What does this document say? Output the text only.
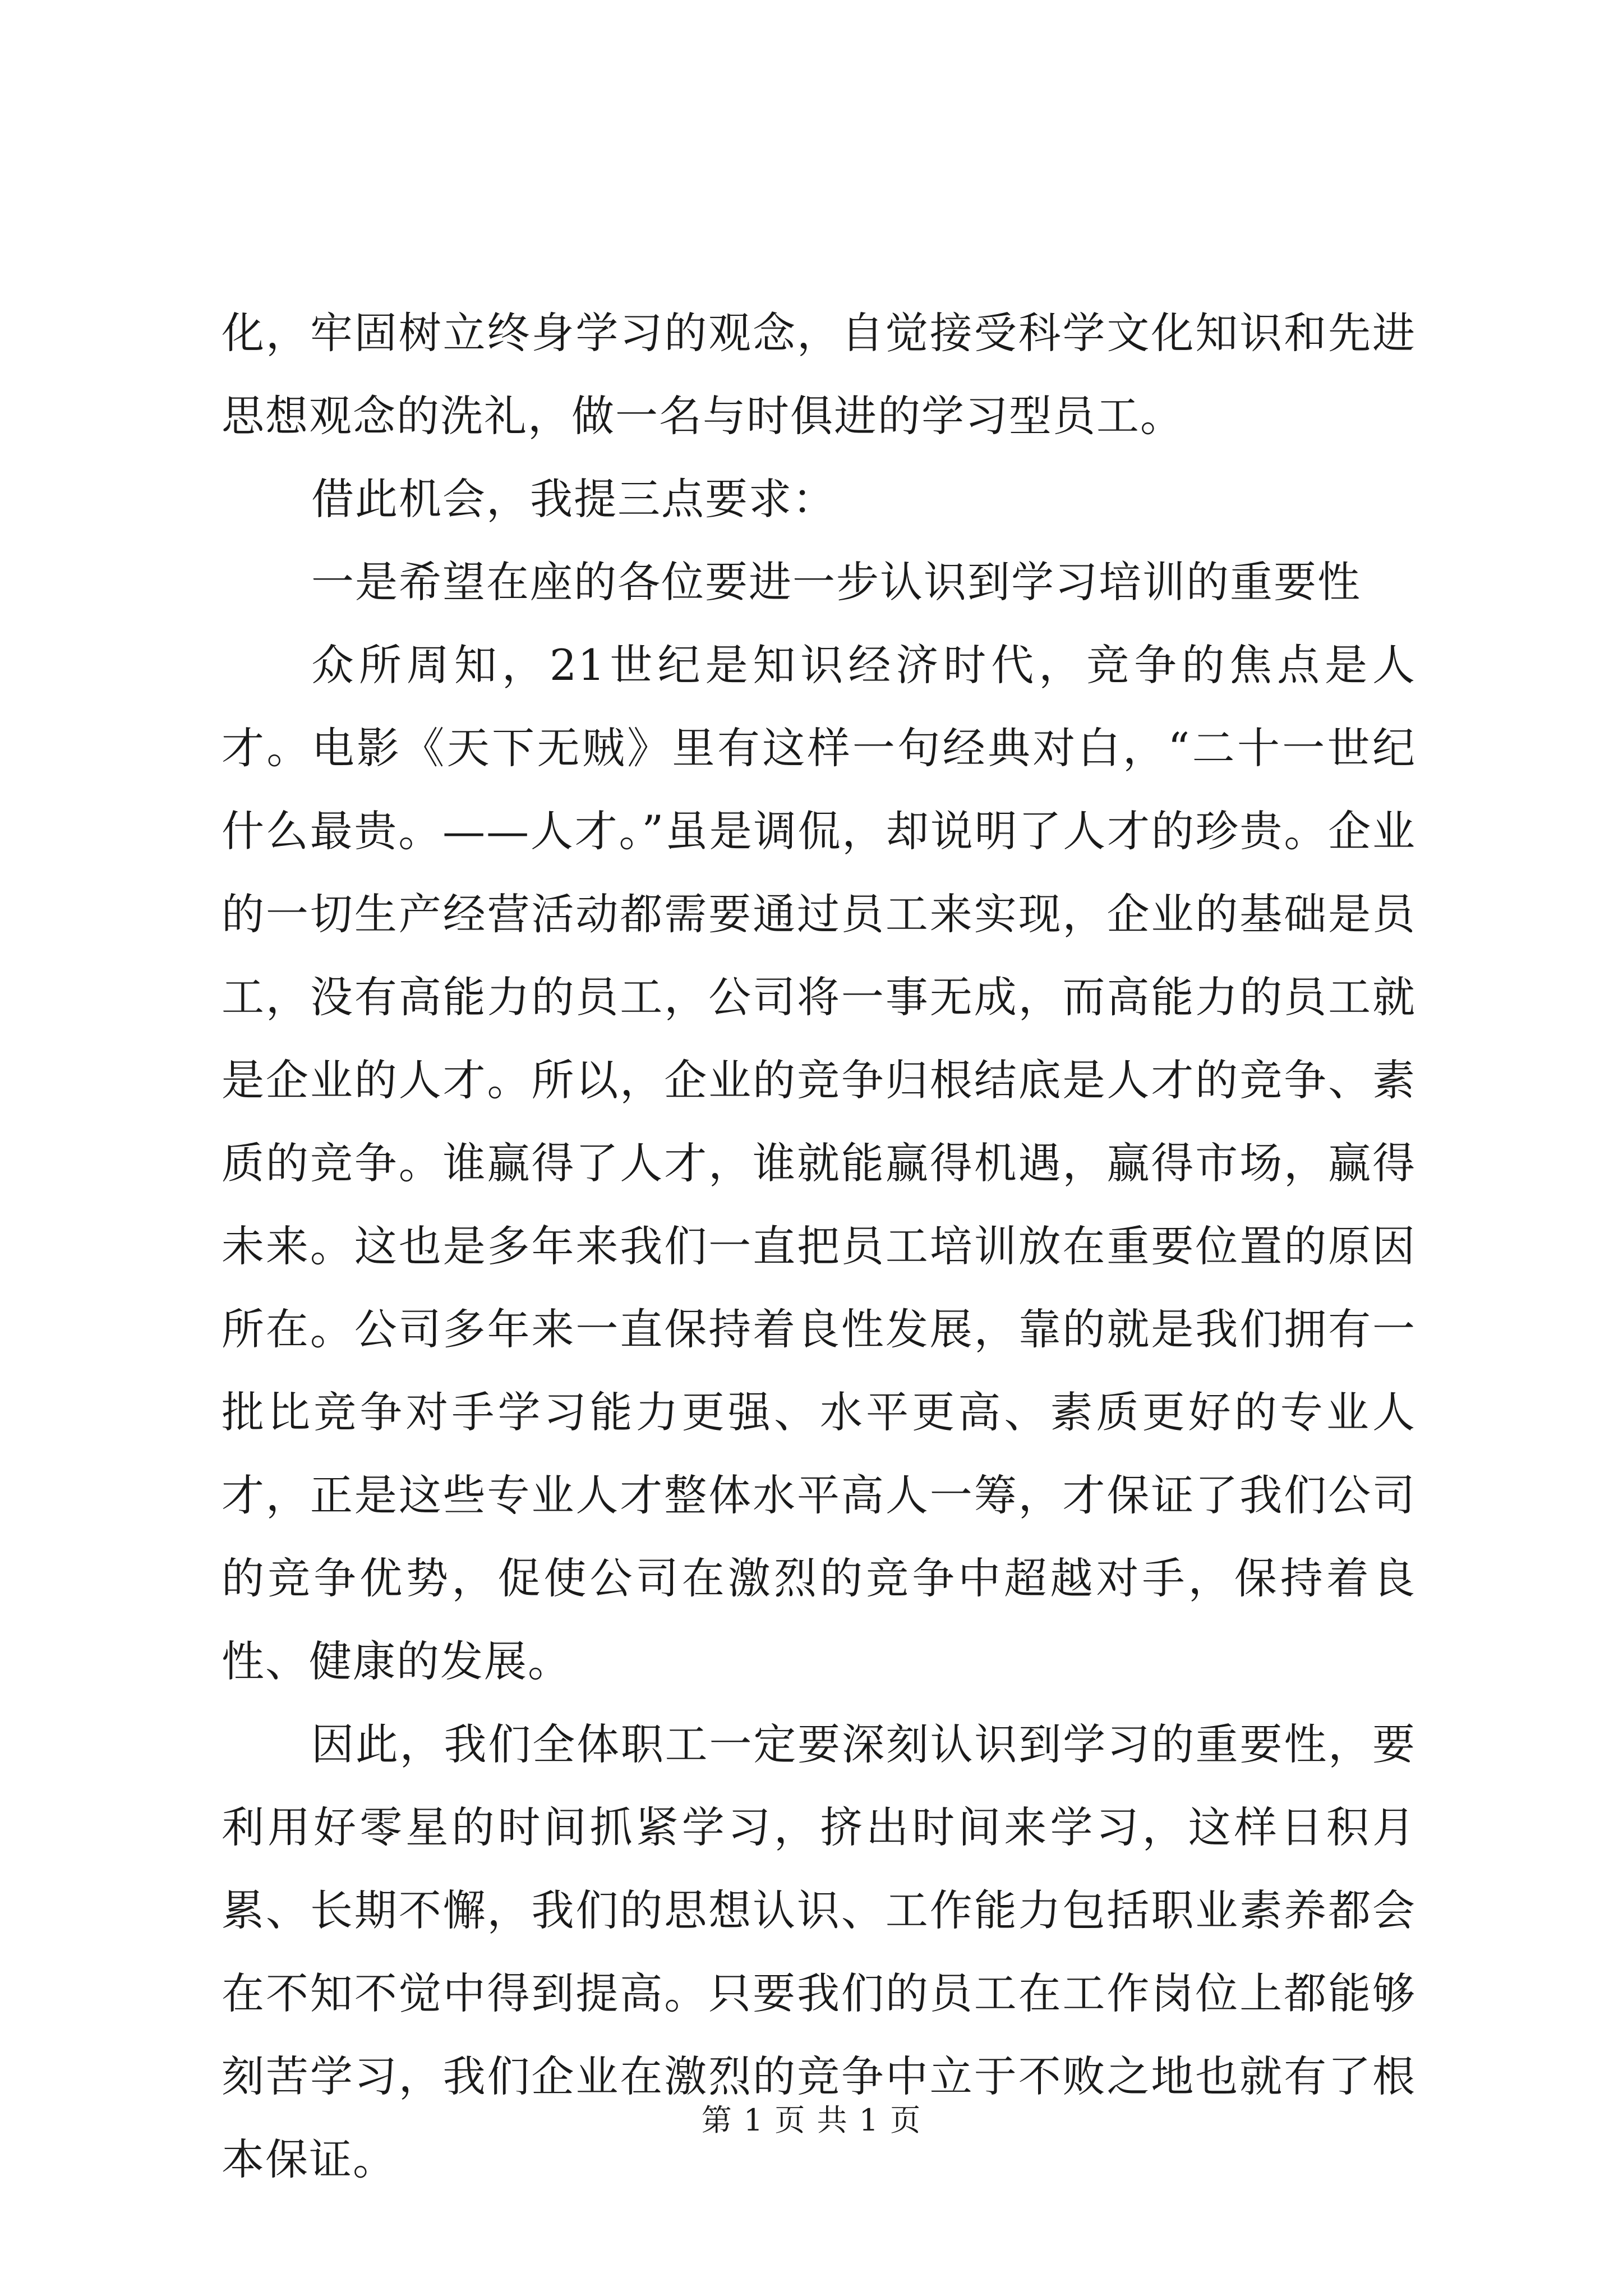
化，牢固树立终身学习的观念，自觉接受科学文化知识和先进思想观念的洗礼，做一名与时俱进的学习型员工。

借此机会，我提三点要求：

一是希望在座的各位要进一步认识到学习培训的重要性

众所周知，21世纪是知识经济时代，竞争的焦点是人才。电影《天下无贼》里有这样一句经典对白，“二十一世纪什么最贵。——人才。”虽是调侃，却说明了人才的珍贵。企业的一切生产经营活动都需要通过员工来实现，企业的基础是员工，没有高能力的员工，公司将一事无成，而高能力的员工就是企业的人才。所以，企业的竞争归根结底是人才的竞争、素质的竞争。谁赢得了人才，谁就能赢得机遇，赢得市场，赢得未来。这也是多年来我们一直把员工培训放在重要位置的原因所在。公司多年来一直保持着良性发展，靠的就是我们拥有一批比竞争对手学习能力更强、水平更高、素质更好的专业人才，正是这些专业人才整体水平高人一筹，才保证了我们公司的竞争优势，促使公司在激烈的竞争中超越对手，保持着良性、健康的发展。

因此，我们全体职工一定要深刻认识到学习的重要性，要利用好零星的时间抓紧学习，挤出时间来学习，这样日积月累、长期不懈，我们的思想认识、工作能力包括职业素养都会在不知不觉中得到提高。只要我们的员工在工作岗位上都能够刻苦学习，我们企业在激烈的竞争中立于不败之地也就有了根本保证。

第 1 页 共 1 页
